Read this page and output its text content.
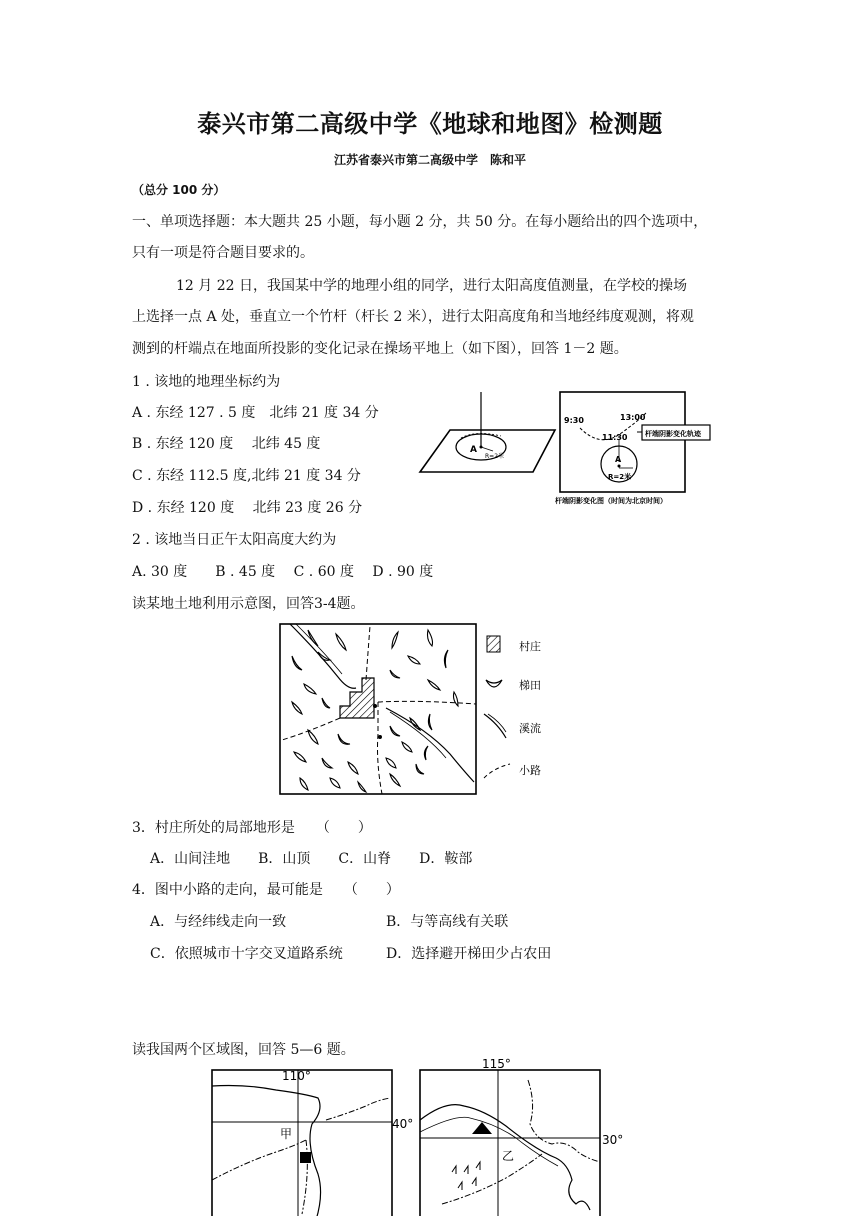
泰兴市第二高级中学《地球和地图》检测题
江苏省泰兴市第二高级中学　陈和平
（总分 100 分）
一、单项选择题：本大题共 25 小题，每小题 2 分，共 50 分。在每小题给出的四个选项中，
只有一项是符合题目要求的。
12 月 22 日，我国某中学的地理小组的同学，进行太阳高度值测量，在学校的操场
上选择一点 A 处，垂直立一个竹杆（杆长 2 米），进行太阳高度角和当地经纬度观测，将观
测到的杆端点在地面所投影的变化记录在操场平地上（如下图），回答 1－2 题。
1 . 该地的地理坐标约为
A . 东经 127 . 5 度　北纬 21 度 34 分
B . 东经 120 度　 北纬 45 度
C . 东经 112.5 度,北纬 21 度 34 分
D . 东经 120 度　 北纬 23 度 26 分
2 . 该地当日正午太阳高度大约为
A. 30 度　　B . 45 度　 C . 60 度　 D . 90 度
A
R=2米
9:30	13:00
11:30
A
R=2米
杆端阴影变化轨迹
杆端阴影变化图（时间为北京时间）
读某地土地利用示意图，回答3-4题。
村庄
梯田
溪流
小路
3．村庄所处的局部地形是　　（　　）
A．山间洼地　　B．山顶　　C．山脊　　D．鞍部
4．图中小路的走向，最可能是　　（　　）
A．与经纬线走向一致	B．与等高线有关联
C．依照城市十字交叉道路系统	D．选择避开梯田少占农田
读我国两个区域图，回答 5—6 题。
110°
40°
甲
115°
30°
乙
